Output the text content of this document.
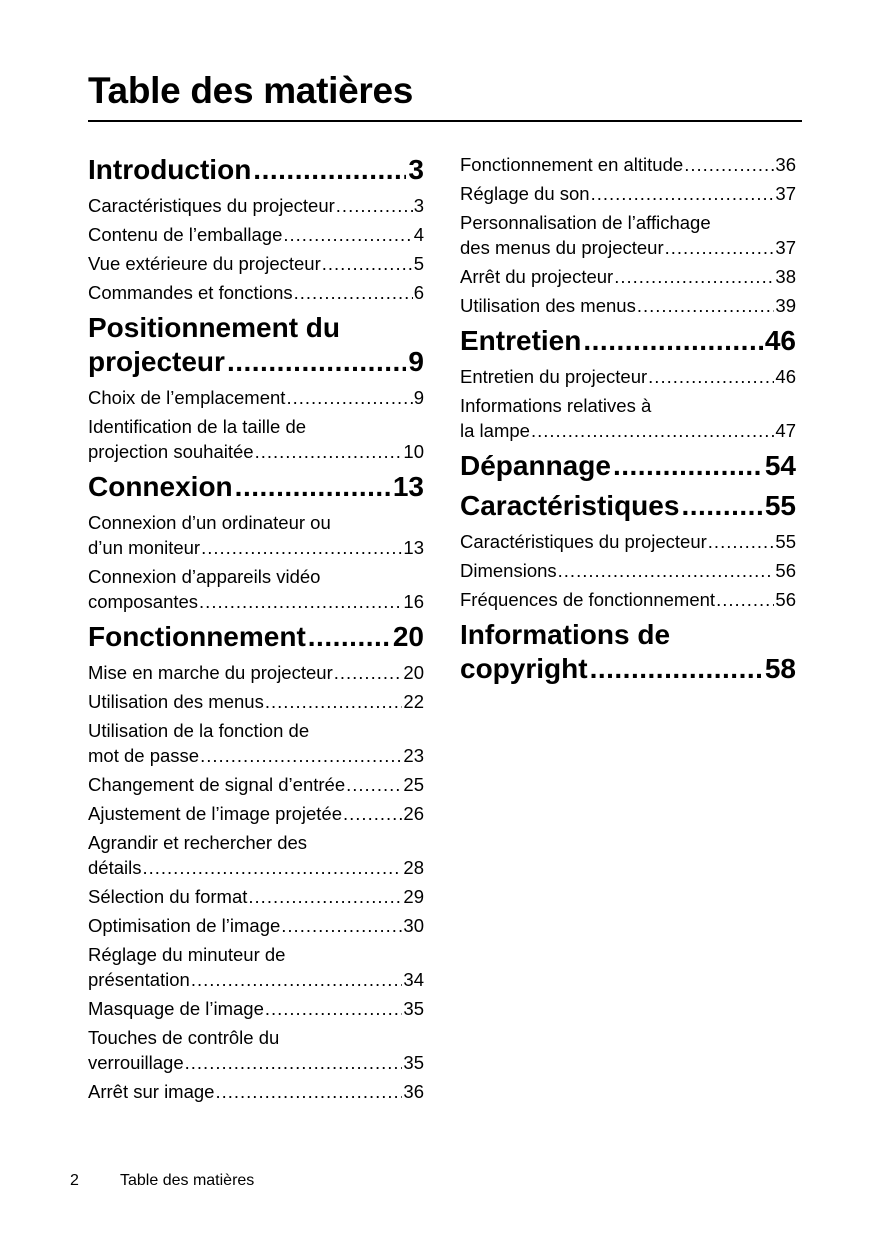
Table des matières
Introduction .....	3
Caractéristiques du projecteur .....	3
Contenu de l’emballage .....	4
Vue extérieure du projecteur .....	5
Commandes et fonctions .....	6
Positionnement du
projecteur .....	9
Choix de l’emplacement .....	9
Identification de la taille de
projection souhaitée .....	10
Connexion .....	13
Connexion d’un ordinateur ou
d’un moniteur .....	13
Connexion d’appareils vidéo
composantes .....	16
Fonctionnement .....	20
Mise en marche du projecteur .....	20
Utilisation des menus .....	22
Utilisation de la fonction de
mot de passe .....	23
Changement de signal d’entrée .....	25
Ajustement de l’image projetée .....	26
Agrandir et rechercher des
détails .....	28
Sélection du format .....	29
Optimisation de l’image .....	30
Réglage du minuteur de
présentation .....	34
Masquage de l’image .....	35
Touches de contrôle du
verrouillage .....	35
Arrêt sur image .....	36
Fonctionnement en altitude .....	36
Réglage du son .....	37
Personnalisation de l’affichage
des menus du projecteur .....	37
Arrêt du projecteur .....	38
Utilisation des menus .....	39
Entretien .....	46
Entretien du projecteur .....	46
Informations relatives à
la lampe .....	47
Dépannage .....	54
Caractéristiques .....	55
Caractéristiques du projecteur .....	55
Dimensions .....	56
Fréquences de fonctionnement .....	56
Informations de
copyright .....	58
2	Table des matières
